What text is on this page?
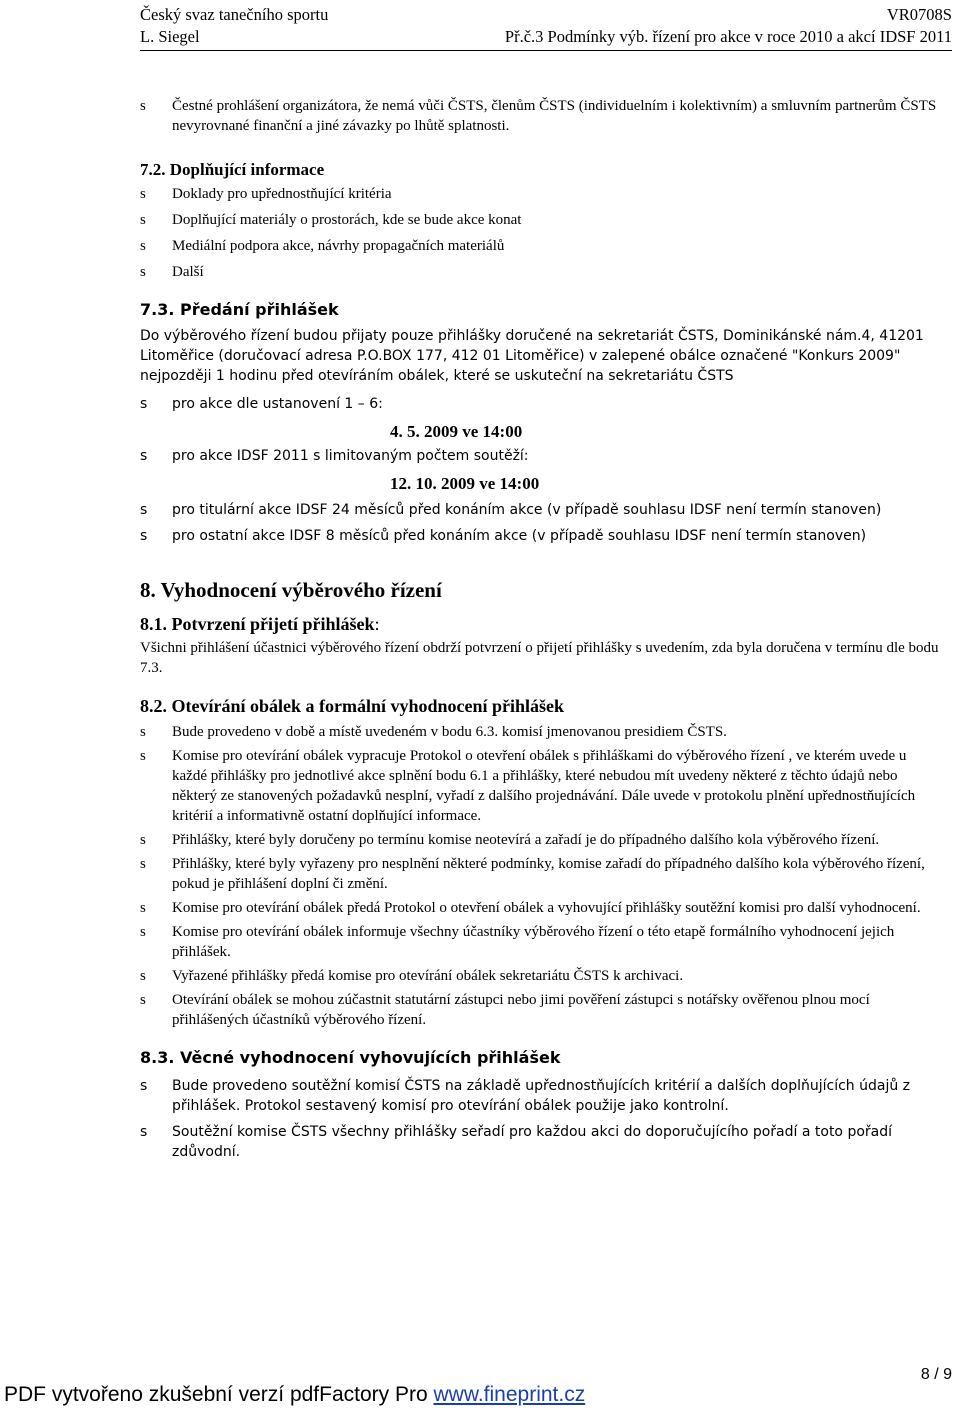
Český svaz tanečního sportu	VR0708S
L. Siegel	Př.č.3 Podmínky výb. řízení pro akce v roce 2010 a akcí IDSF 2011
s	Čestné prohlášení organizátora, že nemá vůči ČSTS, členům ČSTS (individuelním i kolektivním) a smluvním partnerům ČSTS nevyrovnané finanční a jiné závazky po lhůtě splatnosti.
7.2. Doplňující informace
s	Doklady pro upřednostňující kritéria
s	Doplňující materiály o prostorách, kde se bude akce konat
s	Mediální podpora akce, návrhy propagačních materiálů
s	Další
7.3. Předání přihlášek
Do výběrového řízení budou přijaty pouze přihlášky doručené na sekretariát ČSTS, Dominikánské nám.4, 41201 Litoměřice (doručovací adresa P.O.BOX 177, 412 01 Litoměřice) v zalepené obálce označené "Konkurs 2009" nejpozději 1 hodinu před otevíráním obálek, které se uskuteční na sekretariátu ČSTS
s	pro akce dle ustanovení 1 – 6:
4. 5. 2009 ve 14:00
s	pro akce IDSF 2011 s limitovaným počtem soutěží:
12. 10. 2009 ve 14:00
s	pro titulární akce IDSF 24 měsíců před konáním akce (v případě souhlasu IDSF není termín stanoven)
s	pro ostatní akce IDSF 8 měsíců před konáním akce (v případě souhlasu IDSF není termín stanoven)
8. Vyhodnocení výběrového řízení
8.1. Potvrzení přijetí přihlášek:
Všichni přihlášení účastnici výběrového řízení obdrží potvrzení o přijetí přihlášky s uvedením, zda byla doručena v termínu dle bodu 7.3.
8.2. Otevírání obálek a formální vyhodnocení přihlášek
s	Bude provedeno v době a místě uvedeném v bodu 6.3. komisí jmenovanou presidiem ČSTS.
s	Komise pro otevírání obálek vypracuje Protokol o otevření obálek s přihláškami do výběrového řízení , ve kterém uvede u každé přihlášky pro jednotlivé akce splnění bodu 6.1 a přihlášky, které nebudou mít uvedeny některé z těchto údajů nebo některý ze stanovených požadavků nesplní, vyřadí z dalšího projednávání. Dále uvede v protokolu plnění upřednostňujících kritérií a informativně ostatní doplňující informace.
s	Přihlášky, které byly doručeny po termínu komise neotevírá a zařadí je do případného dalšího kola výběrového řízení.
s	Přihlášky, které byly vyřazeny pro nesplnění některé podmínky, komise zařadí do případného dalšího kola výběrového řízení, pokud je přihlášení doplní či změní.
s	Komise pro otevírání obálek předá Protokol o otevření obálek a vyhovující přihlášky soutěžní komisi pro další vyhodnocení.
s	Komise pro otevírání obálek informuje všechny účastníky výběrového řízení o této etapě formálního vyhodnocení jejich přihlášek.
s	Vyřazené přihlášky předá komise pro otevírání obálek sekretariátu ČSTS k archivaci.
s	Otevírání obálek se mohou zúčastnit statutární zástupci nebo jimi pověření zástupci s notářsky ověřenou plnou mocí přihlášených účastníků výběrového řízení.
8.3. Věcné vyhodnocení vyhovujících přihlášek
s	Bude provedeno soutěžní komisí ČSTS na základě upřednostňujících kritérií a dalších doplňujících údajů z přihlášek. Protokol sestavený komisí pro otevírání obálek použije jako kontrolní.
s	Soutěžní komise ČSTS všechny přihlášky seřadí pro každou akci do doporučujícího pořadí a toto pořadí zdůvodní.
8 / 9
PDF vytvořeno zkušební verzí pdfFactory Pro www.fineprint.cz
